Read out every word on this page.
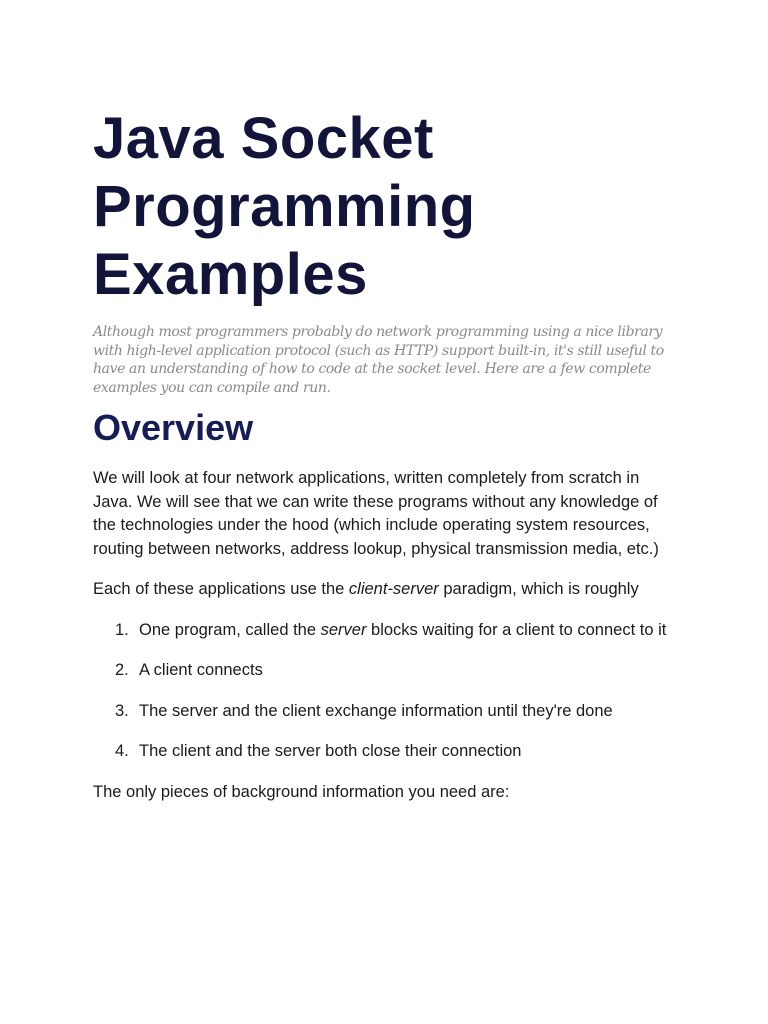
Java Socket
Programming
Examples

Although most programmers probably do network programming using a nice library with high-level application protocol (such as HTTP) support built-in, it's still useful to have an understanding of how to code at the socket level. Here are a few complete examples you can compile and run.

Overview

We will look at four network applications, written completely from scratch in Java. We will see that we can write these programs without any knowledge of the technologies under the hood (which include operating system resources, routing between networks, address lookup, physical transmission media, etc.)

Each of these applications use the client-server paradigm, which is roughly

1. One program, called the server blocks waiting for a client to connect to it
2. A client connects
3. The server and the client exchange information until they're done
4. The client and the server both close their connection

The only pieces of background information you need are:
